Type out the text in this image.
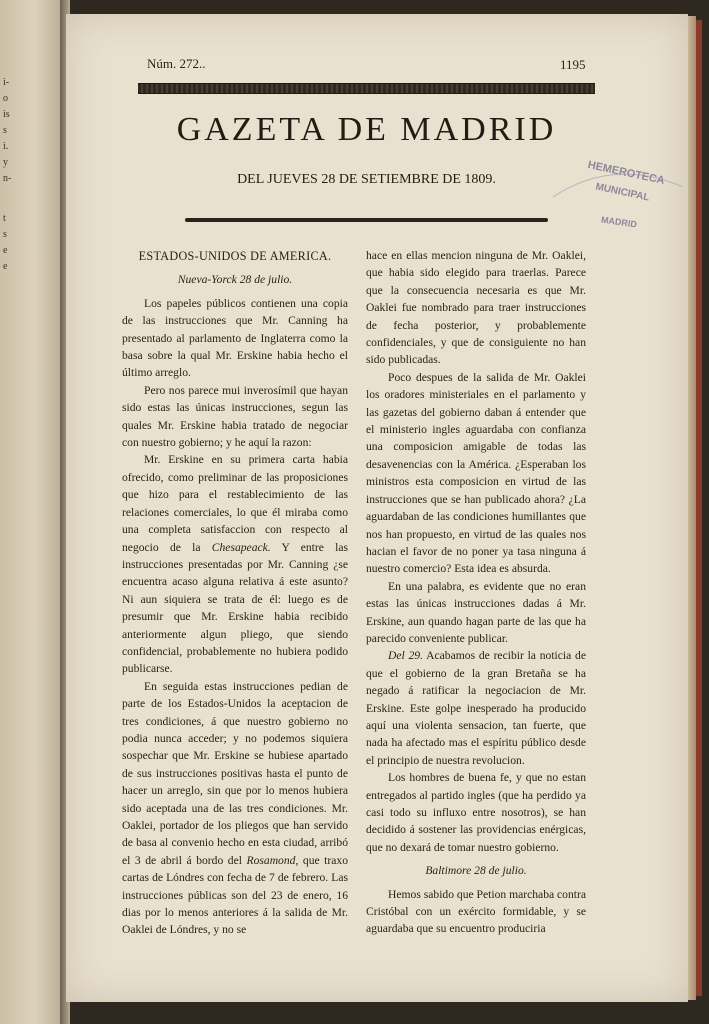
i-
o
is
s
i.
y
n-
t
s
e
e
Núm. 272..	1195
GAZETA DE MADRID
DEL JUEVES 28 DE SETIEMBRE DE 1809.	HEMEROTECA
MUNICIPAL
MADRID

ESTADOS-UNIDOS DE AMERICA.

Nueva-Yorck 28 de julio.

Los papeles públicos contienen una copia de las instrucciones que Mr. Canning ha presentado al parlamento de Inglaterra como la basa sobre la qual Mr. Erskine habia hecho el último arreglo.

Pero nos parece mui inverosímil que hayan sido estas las únicas instrucciones, segun las quales Mr. Erskine habia tratado de negociar con nuestro gobierno; y he aquí la razon:

Mr. Erskine en su primera carta habia ofrecido, como preliminar de las proposiciones que hizo para el restablecimiento de las relaciones comerciales, lo que él miraba como una completa satisfaccion con respecto al negocio de la Chesapeack. Y entre las instrucciones presentadas por Mr. Canning ¿se encuentra acaso alguna relativa á este asunto? Ni aun siquiera se trata de él: luego es de presumir que Mr. Erskine habia recibido anteriormente algun pliego, que siendo confidencial, probablemente no hubiera podido publicarse.

En seguida estas instrucciones pedian de parte de los Estados-Unidos la aceptacion de tres condiciones, á que nuestro gobierno no podia nunca acceder; y no podemos siquiera sospechar que Mr. Erskine se hubiese apartado de sus instrucciones positivas hasta el punto de hacer un arreglo, sin que por lo menos hubiera sido aceptada una de las tres condiciones. Mr. Oaklei, portador de los pliegos que han servido de basa al convenio hecho en esta ciudad, arribó el 3 de abril á bordo del Rosamond, que traxo cartas de Lóndres con fecha de 7 de febrero. Las instrucciones públicas son del 23 de enero, 16 dias por lo menos anteriores á la salida de Mr. Oaklei de Lóndres, y no se

hace en ellas mencion ninguna de Mr. Oaklei, que habia sido elegido para traerlas. Parece que la consecuencia necesaria es que Mr. Oaklei fue nombrado para traer instrucciones de fecha posterior, y probablemente confidenciales, y que de consiguiente no han sido publicadas.

Poco despues de la salida de Mr. Oaklei los oradores ministeriales en el parlamento y las gazetas del gobierno daban á entender que el ministerio ingles aguardaba con confianza una composicion amigable de todas las desavenencias con la América. ¿Esperaban los ministros esta composicion en virtud de las instrucciones que se han publicado ahora? ¿La aguardaban de las condiciones humillantes que nos han propuesto, en virtud de las quales nos hacian el favor de no poner ya tasa ninguna á nuestro comercio? Esta idea es absurda.

En una palabra, es evidente que no eran estas las únicas instrucciones dadas á Mr. Erskine, aun quando hagan parte de las que ha parecido conveniente publicar.

Del 29. Acabamos de recibir la noticia de que el gobierno de la gran Bretaña se ha negado á ratificar la negociacion de Mr. Erskine. Este golpe inesperado ha producido aquí una violenta sensacion, tan fuerte, que nada ha afectado mas el espíritu público desde el principio de nuestra revolucion.

Los hombres de buena fe, y que no estan entregados al partido ingles (que ha perdido ya casi todo su influxo entre nosotros), se han decidido á sostener las providencias enérgicas, que no dexará de tomar nuestro gobierno.

Baltimore 28 de julio.

Hemos sabido que Petion marchaba contra Cristóbal con un exército formidable, y se aguardaba que su encuentro produciria
